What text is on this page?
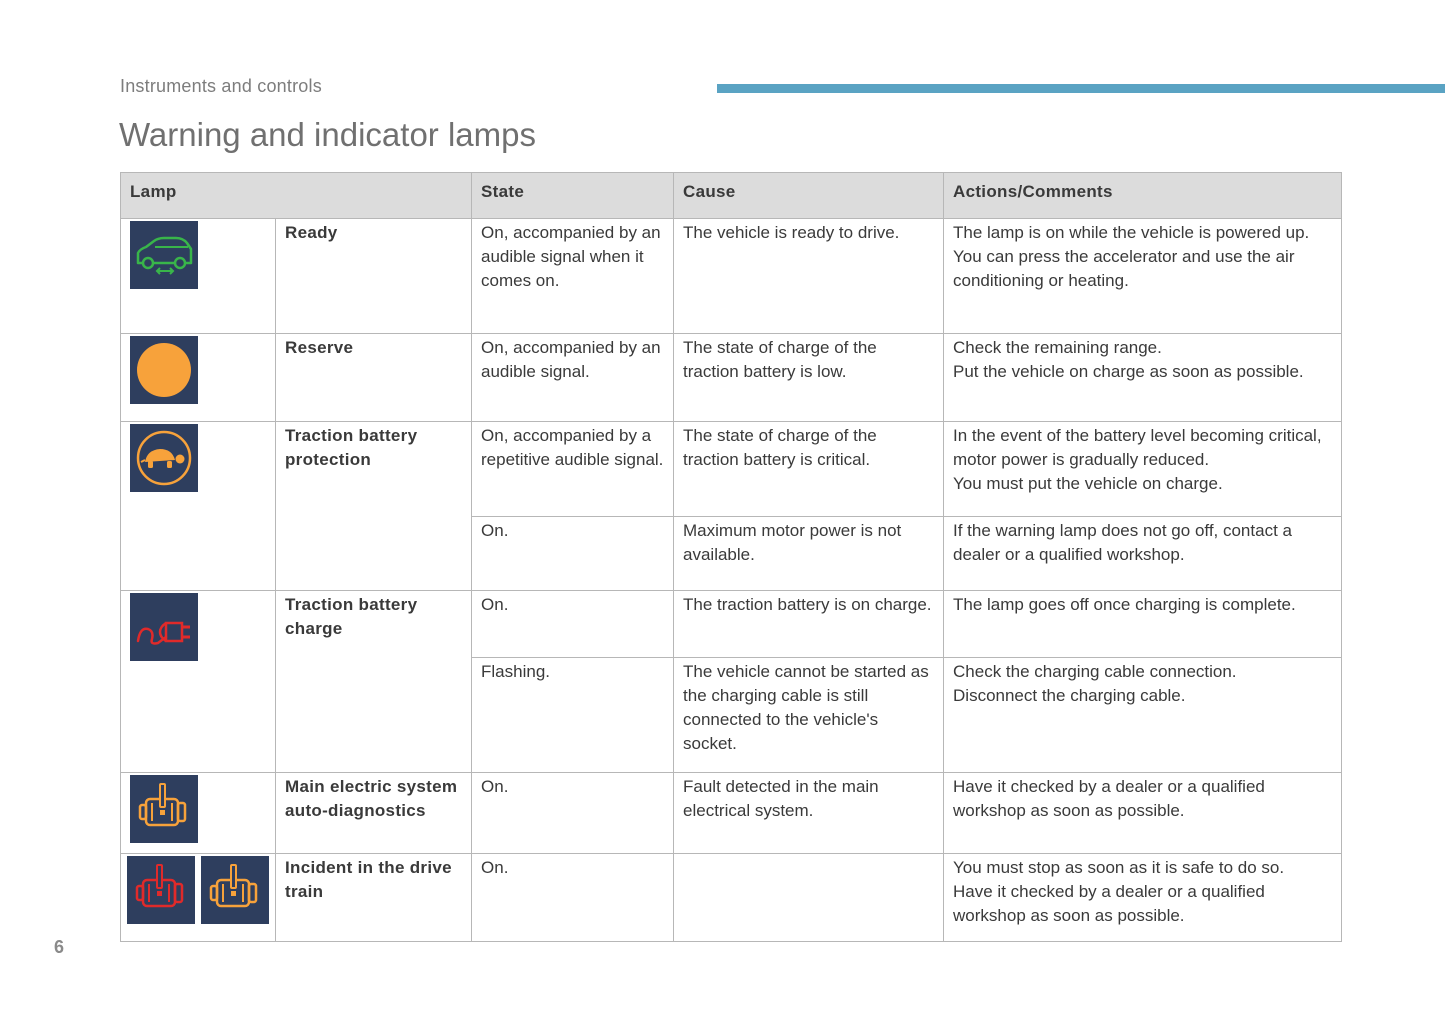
Instruments and controls
Warning and indicator lamps
Lamp		State	Cause	Actions/Comments

	Ready	On, accompanied by an audible signal when it comes on.	The vehicle is ready to drive.	The lamp is on while the vehicle is powered up. You can press the accelerator and use the air conditioning or heating.

	Reserve	On, accompanied by an audible signal.	The state of charge of the traction battery is low.	Check the remaining range.
Put the vehicle on charge as soon as possible.

	Traction battery protection	On, accompanied by a repetitive audible signal.	The state of charge of the traction battery is critical.	In the event of the battery level becoming critical, motor power is gradually reduced.
You must put the vehicle on charge.

		On.	Maximum motor power is not available.	If the warning lamp does not go off, contact a dealer or a qualified workshop.

	Traction battery charge	On.	The traction battery is on charge.	The lamp goes off once charging is complete.
		Flashing.	The vehicle cannot be started as the charging cable is still connected to the vehicle's socket.	Check the charging cable connection.
Disconnect the charging cable.

	Main electric system auto-diagnostics	On.	Fault detected in the main electrical system.	Have it checked by a dealer or a qualified workshop as soon as possible.

	Incident in the drive train	On.		You must stop as soon as it is safe to do so.
Have it checked by a dealer or a qualified workshop as soon as possible.
6
